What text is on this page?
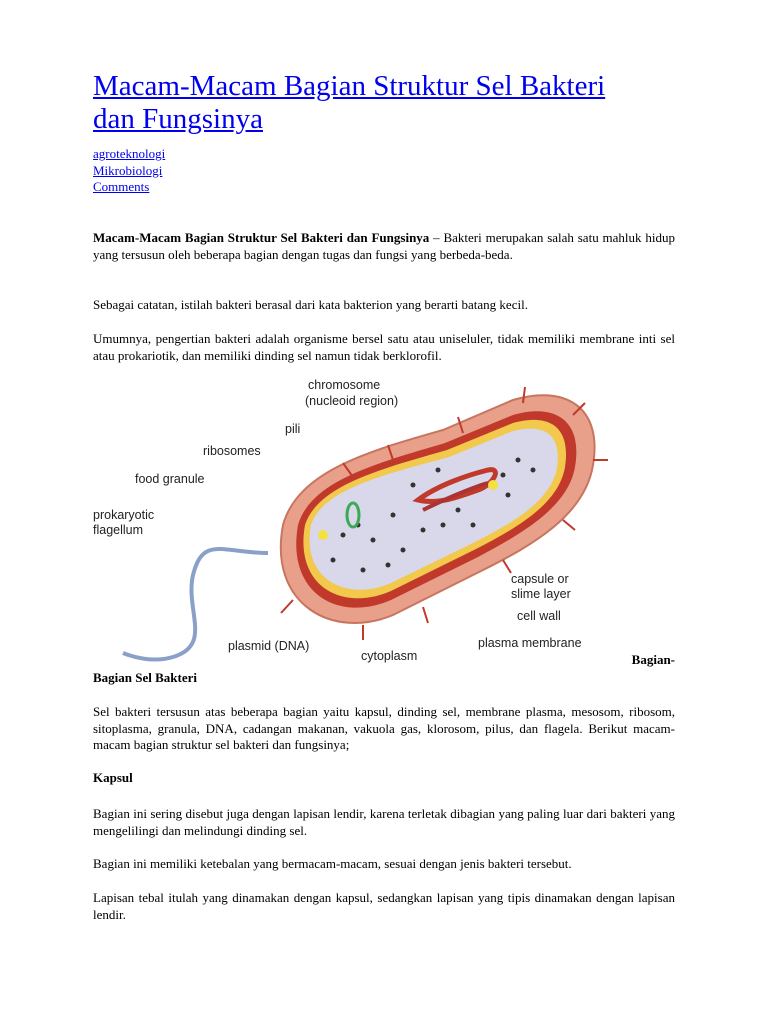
Macam-Macam Bagian Struktur Sel Bakteri dan Fungsinya
agroteknologi
Mikrobiologi
Comments

Macam-Macam Bagian Struktur Sel Bakteri dan Fungsinya – Bakteri merupakan salah satu mahluk hidup yang tersusun oleh beberapa bagian dengan tugas dan fungsi yang berbeda-beda.

Sebagai catatan, istilah bakteri berasal dari kata bakterion yang berarti batang kecil.

Umumnya, pengertian bakteri adalah organisme bersel satu atau uniseluler, tidak memiliki membrane inti sel atau prokariotik, dan memiliki dinding sel namun tidak berklorofil.

chromosome
(nucleoid region)
pili
ribosomes
food granule
prokaryotic
flagellum
capsule or
slime layer
cell wall
plasmid (DNA)
cytoplasm
plasma membrane
Bagian-

Bagian Sel Bakteri

Sel bakteri tersusun atas beberapa bagian yaitu kapsul, dinding sel, membrane plasma, mesosom, ribosom, sitoplasma, granula, DNA, cadangan makanan, vakuola gas, klorosom, pilus, dan flagela. Berikut macam-macam bagian struktur sel bakteri dan fungsinya;

Kapsul

Bagian ini sering disebut juga dengan lapisan lendir, karena terletak dibagian yang paling luar dari bakteri yang mengelilingi dan melindungi dinding sel.

Bagian ini memiliki ketebalan yang bermacam-macam, sesuai dengan jenis bakteri tersebut.

Lapisan tebal itulah yang dinamakan dengan kapsul, sedangkan lapisan yang tipis dinamakan dengan lapisan lendir.
